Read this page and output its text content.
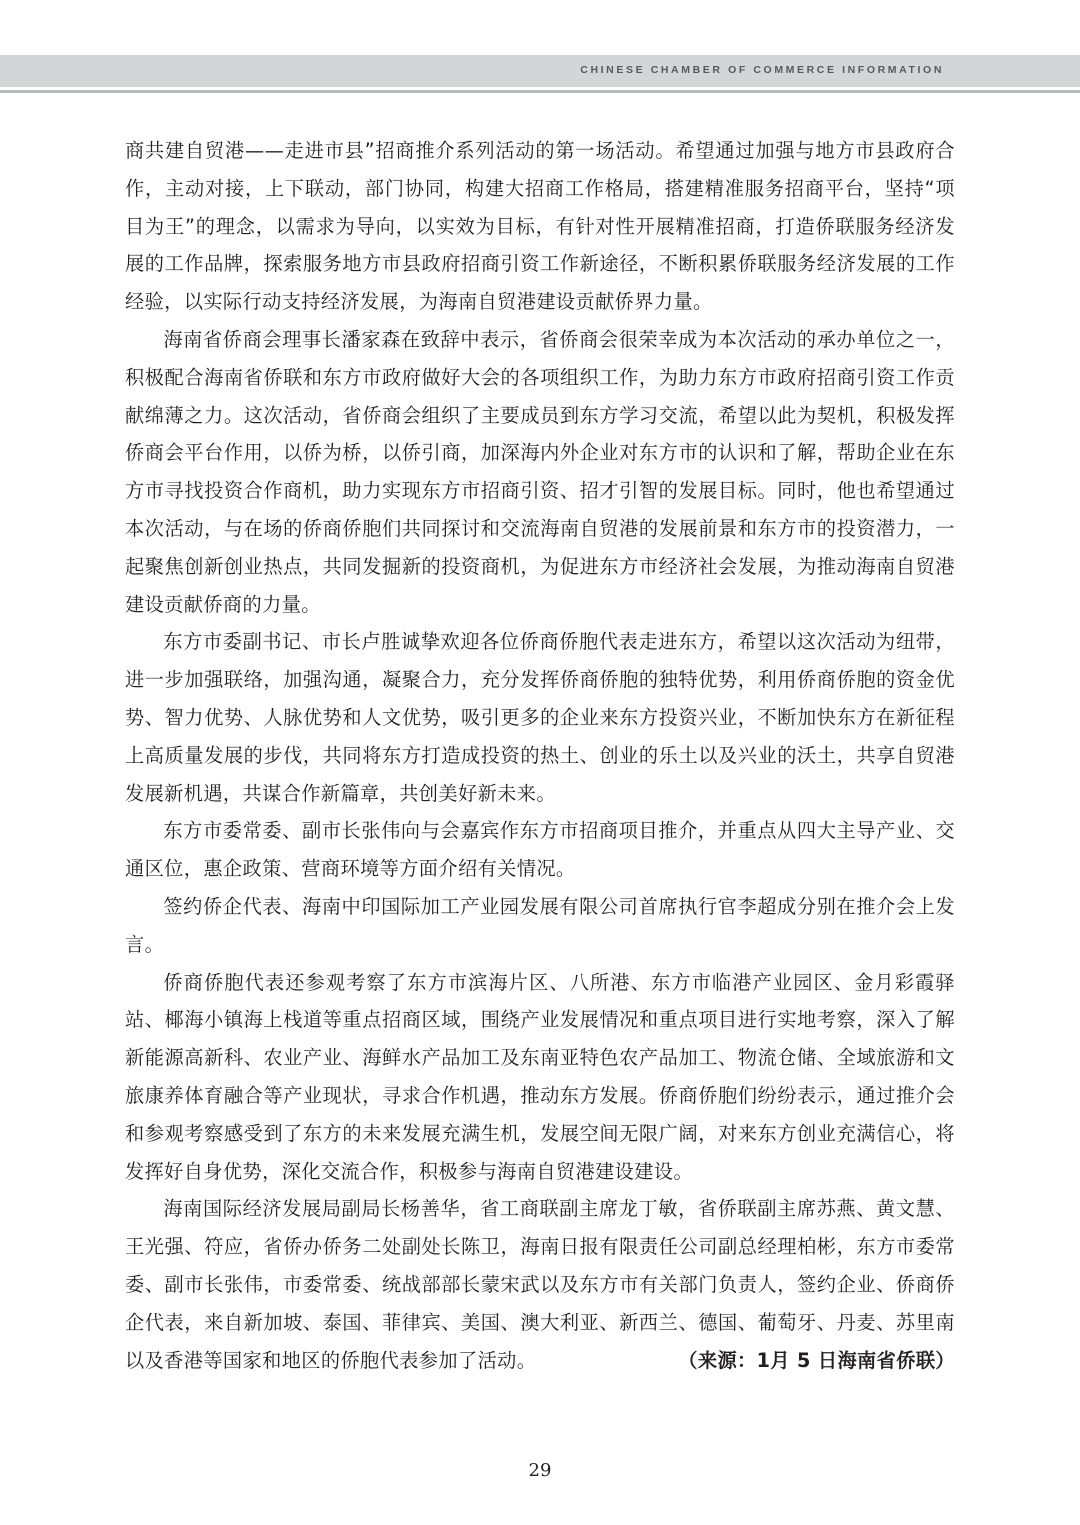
CHINESE CHAMBER OF COMMERCE INFORMATION

商共建自贸港——走进市县”招商推介系列活动的第一场活动。希望通过加强与地方市县政府合作，主动对接，上下联动，部门协同，构建大招商工作格局，搭建精准服务招商平台，坚持“项目为王”的理念，以需求为导向，以实效为目标，有针对性开展精准招商，打造侨联服务经济发展的工作品牌，探索服务地方市县政府招商引资工作新途径，不断积累侨联服务经济发展的工作经验，以实际行动支持经济发展，为海南自贸港建设贡献侨界力量。

海南省侨商会理事长潘家森在致辞中表示，省侨商会很荣幸成为本次活动的承办单位之一，积极配合海南省侨联和东方市政府做好大会的各项组织工作，为助力东方市政府招商引资工作贡献绵薄之力。这次活动，省侨商会组织了主要成员到东方学习交流，希望以此为契机，积极发挥侨商会平台作用，以侨为桥，以侨引商，加深海内外企业对东方市的认识和了解，帮助企业在东方市寻找投资合作商机，助力实现东方市招商引资、招才引智的发展目标。同时，他也希望通过本次活动，与在场的侨商侨胞们共同探讨和交流海南自贸港的发展前景和东方市的投资潜力，一起聚焦创新创业热点，共同发掘新的投资商机，为促进东方市经济社会发展，为推动海南自贸港建设贡献侨商的力量。

东方市委副书记、市长卢胜诚挚欢迎各位侨商侨胞代表走进东方，希望以这次活动为纽带，进一步加强联络，加强沟通，凝聚合力，充分发挥侨商侨胞的独特优势，利用侨商侨胞的资金优势、智力优势、人脉优势和人文优势，吸引更多的企业来东方投资兴业，不断加快东方在新征程上高质量发展的步伐，共同将东方打造成投资的热土、创业的乐土以及兴业的沃土，共享自贸港发展新机遇，共谋合作新篇章，共创美好新未来。

东方市委常委、副市长张伟向与会嘉宾作东方市招商项目推介，并重点从四大主导产业、交通区位，惠企政策、营商环境等方面介绍有关情况。

签约侨企代表、海南中印国际加工产业园发展有限公司首席执行官李超成分别在推介会上发言。

侨商侨胞代表还参观考察了东方市滨海片区、八所港、东方市临港产业园区、金月彩霞驿站、椰海小镇海上栈道等重点招商区域，围绕产业发展情况和重点项目进行实地考察，深入了解新能源高新科、农业产业、海鲜水产品加工及东南亚特色农产品加工、物流仓储、全域旅游和文旅康养体育融合等产业现状，寻求合作机遇，推动东方发展。侨商侨胞们纷纷表示，通过推介会和参观考察感受到了东方的未来发展充满生机，发展空间无限广阔，对来东方创业充满信心，将发挥好自身优势，深化交流合作，积极参与海南自贸港建设建设。

海南国际经济发展局副局长杨善华，省工商联副主席龙丁敏，省侨联副主席苏燕、黄文慧、王光强、符应，省侨办侨务二处副处长陈卫，海南日报有限责任公司副总经理柏彬，东方市委常委、副市长张伟，市委常委、统战部部长蒙宋武以及东方市有关部门负责人，签约企业、侨商侨企代表，来自新加坡、泰国、菲律宾、美国、澳大利亚、新西兰、德国、葡萄牙、丹麦、苏里南以及香港等国家和地区的侨胞代表参加了活动。	（来源：1月 5 日海南省侨联）

29
